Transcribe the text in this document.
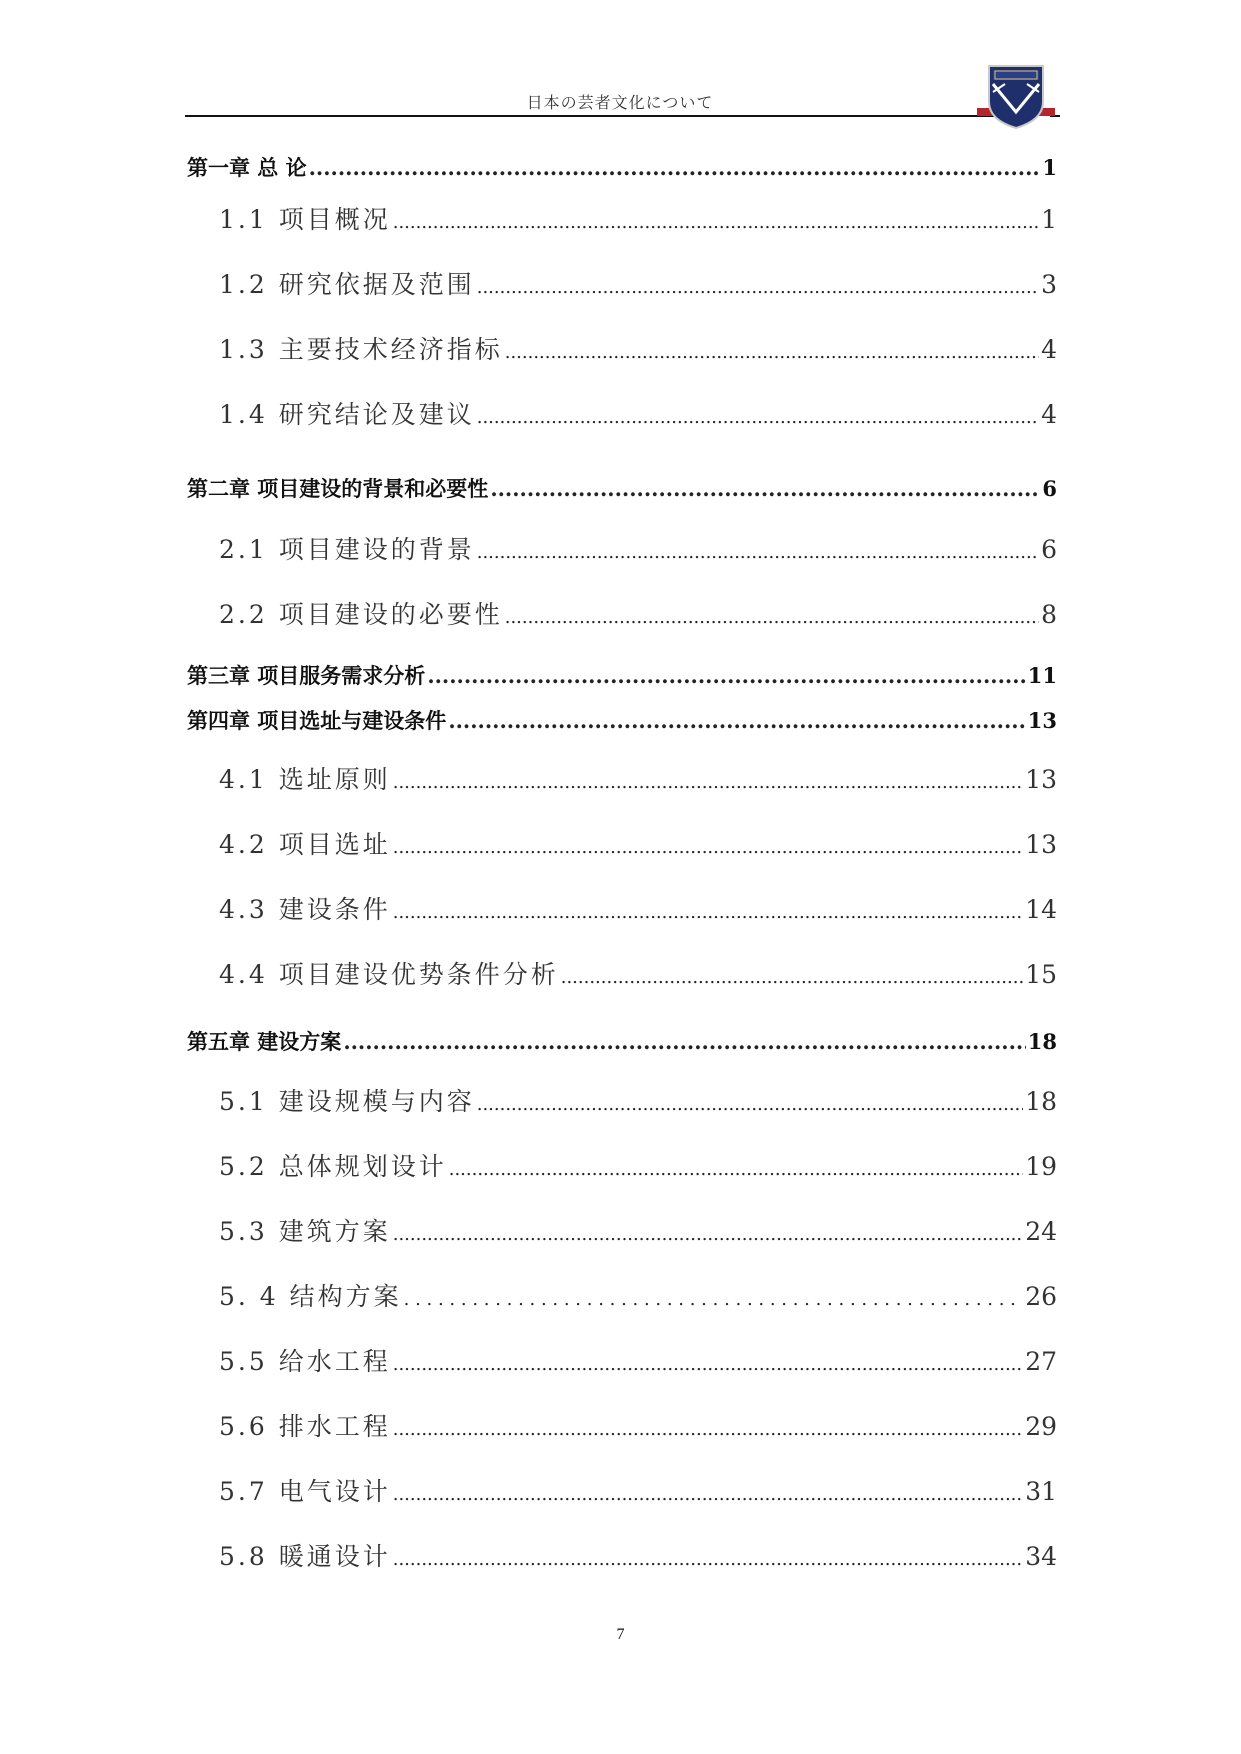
日本の芸者文化について
第一章 总 论 .....	1
1.1 项目概况 .....	1
1.2 研究依据及范围 .....	3
1.3 主要技术经济指标 .....	4
1.4 研究结论及建议 .....	4
第二章 项目建设的背景和必要性 .....	6
2.1 项目建设的背景 .....	6
2.2 项目建设的必要性 .....	8
第三章 项目服务需求分析 .....	11
第四章 项目选址与建设条件 .....	13
4.1 选址原则 .....	13
4.2 项目选址 .....	13
4.3 建设条件 .....	14
4.4 项目建设优势条件分析 .....	15
第五章 建设方案 .....	18
5.1 建设规模与内容 .....	18
5.2 总体规划设计 .....	19
5.3 建筑方案 .....	24
5. 4 结构方案 . . .	26
5.5 给水工程 .....	27
5.6 排水工程 .....	29
5.7 电气设计 .....	31
5.8 暖通设计 .....	34
7
